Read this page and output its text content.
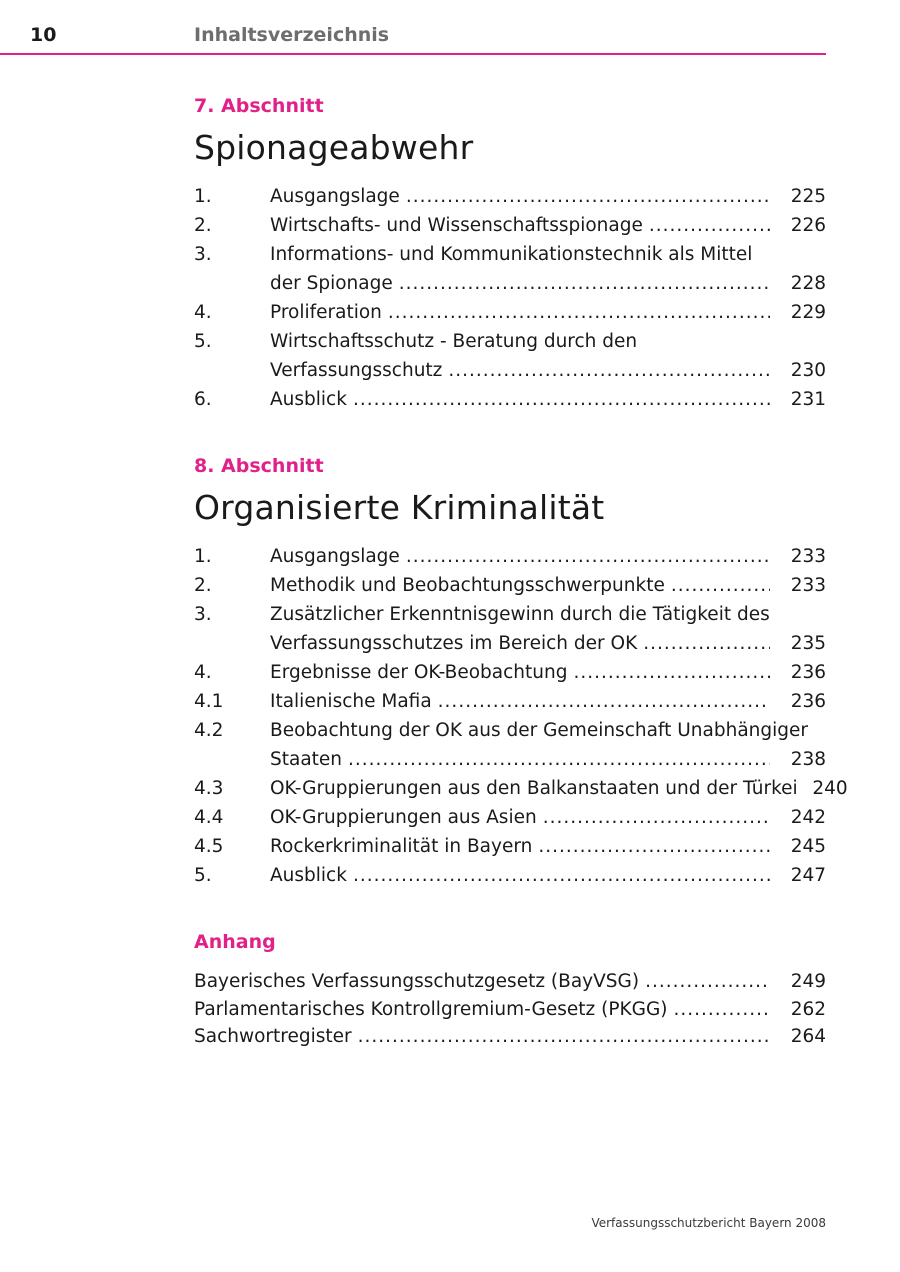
10	Inhaltsverzeichnis
7. Abschnitt
Spionageabwehr
1.	Ausgangslage .....	225
2.	Wirtschafts- und Wissenschaftsspionage .....	226
3.	Informations- und Kommunikationstechnik als Mittel
der Spionage .....	228
4.	Proliferation .....	229
5.	Wirtschaftsschutz - Beratung durch den
Verfassungsschutz .....	230
6.	Ausblick .....	231
8. Abschnitt
Organisierte Kriminalität
1.	Ausgangslage .....	233
2.	Methodik und Beobachtungsschwerpunkte .....	233
3.	Zusätzlicher Erkenntnisgewinn durch die Tätigkeit des
Verfassungsschutzes im Bereich der OK .....	235
4.	Ergebnisse der OK-Beobachtung .....	236
4.1	Italienische Mafia .....	236
4.2	Beobachtung der OK aus der Gemeinschaft Unabhängiger
Staaten .....	238
4.3	OK-Gruppierungen aus den Balkanstaaten und der Türkei 240
4.4	OK-Gruppierungen aus Asien .....	242
4.5	Rockerkriminalität in Bayern .....	245
5.	Ausblick .....	247
Anhang
Bayerisches Verfassungsschutzgesetz (BayVSG) .....	249
Parlamentarisches Kontrollgremium-Gesetz (PKGG) .....	262
Sachwortregister .....	264
Verfassungsschutzbericht Bayern 2008
